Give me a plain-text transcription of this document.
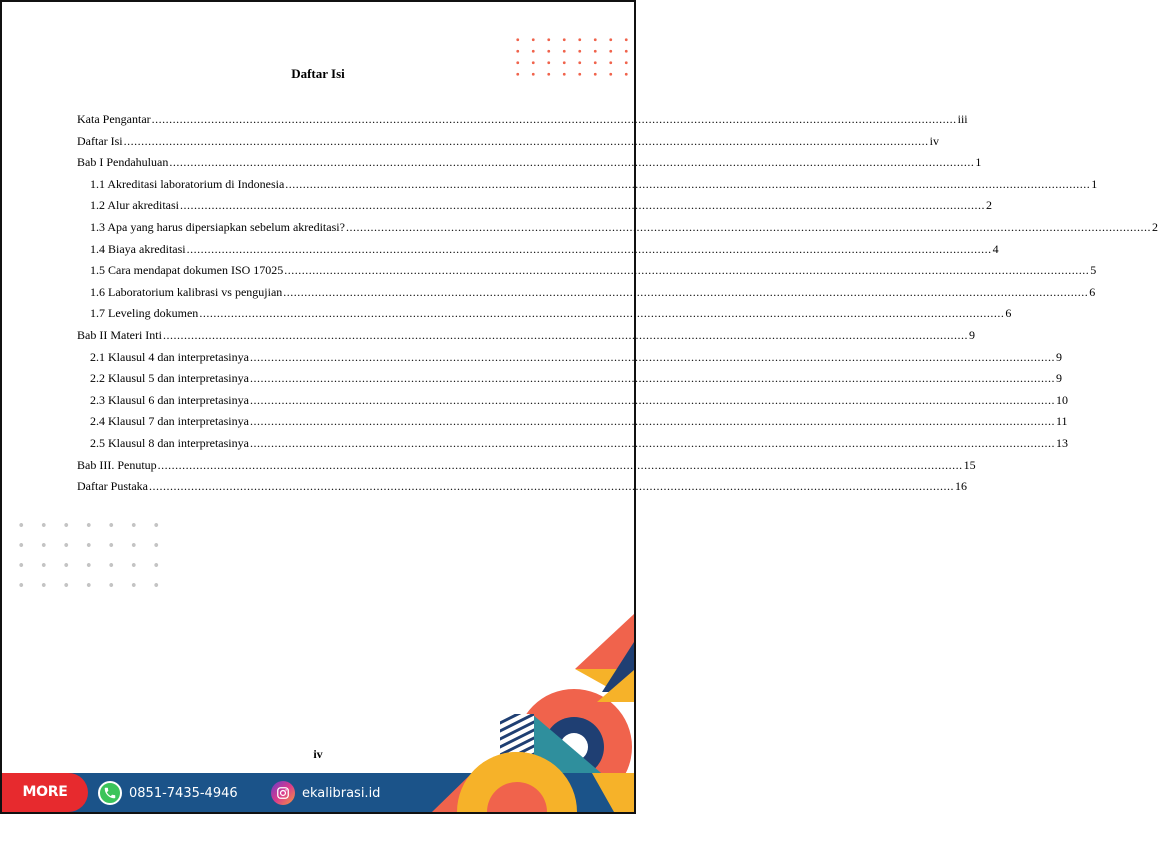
Daftar Isi
Kata Pengantar .....	iii
Daftar Isi .....	iv
Bab I Pendahuluan .....	1
1.1 Akreditasi laboratorium di Indonesia .....	1
1.2 Alur akreditasi .....	2
1.3 Apa yang harus dipersiapkan sebelum akreditasi? .....	2
1.4 Biaya akreditasi .....	4
1.5 Cara mendapat dokumen ISO 17025 .....	5
1.6 Laboratorium kalibrasi vs pengujian .....	6
1.7 Leveling dokumen .....	6
Bab II Materi Inti .....	9
2.1 Klausul 4 dan interpretasinya .....	9
2.2 Klausul 5 dan interpretasinya .....	9
2.3 Klausul 6 dan interpretasinya .....	10
2.4 Klausul 7 dan interpretasinya .....	11
2.5 Klausul 8 dan interpretasinya .....	13
Bab III. Penutup .....	15
Daftar Pustaka .....	16
iv
MORE INFO
0851-7435-4946	ekalibrasi.id
